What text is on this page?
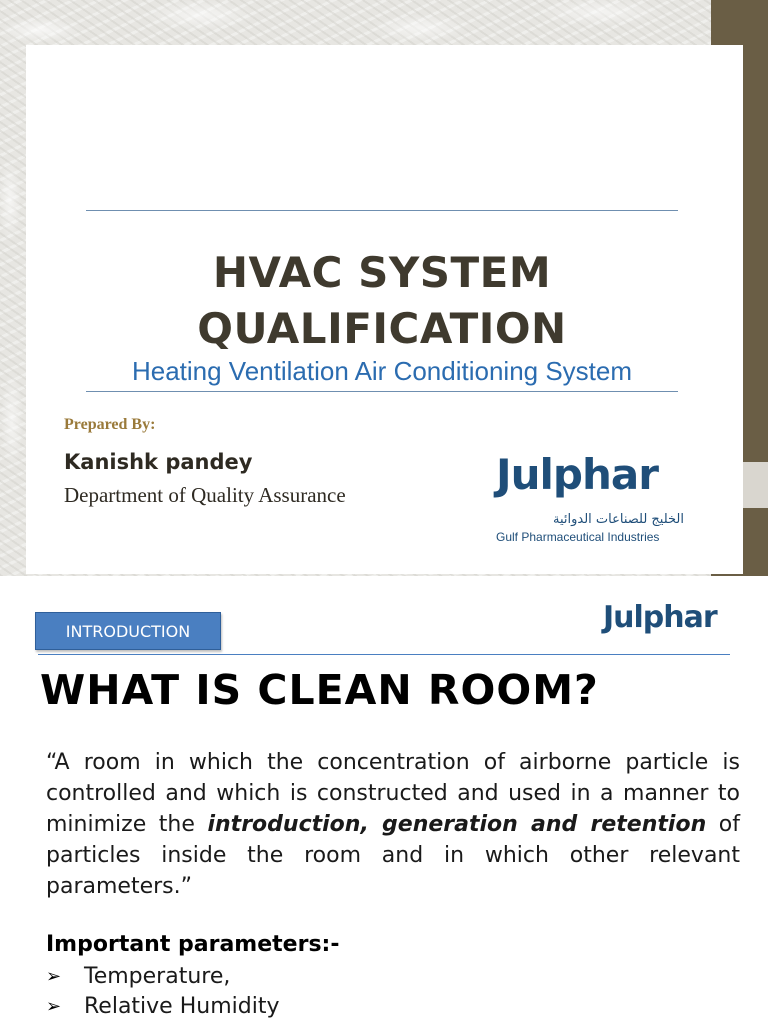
HVAC SYSTEM
QUALIFICATION
Heating Ventilation Air Conditioning System
Prepared By:
Kanishk pandey
Department of Quality Assurance	Julphar
الخليج للصناعات الدوائية
Gulf Pharmaceutical Industries
INTRODUCTION	Julphar
WHAT IS CLEAN ROOM?

“A room in which the concentration of airborne particle is controlled and which is constructed and used in a manner to minimize the introduction, generation and retention of particles inside the room and in which other relevant parameters.”

Important parameters:-
➢	Temperature,
➢	Relative Humidity
